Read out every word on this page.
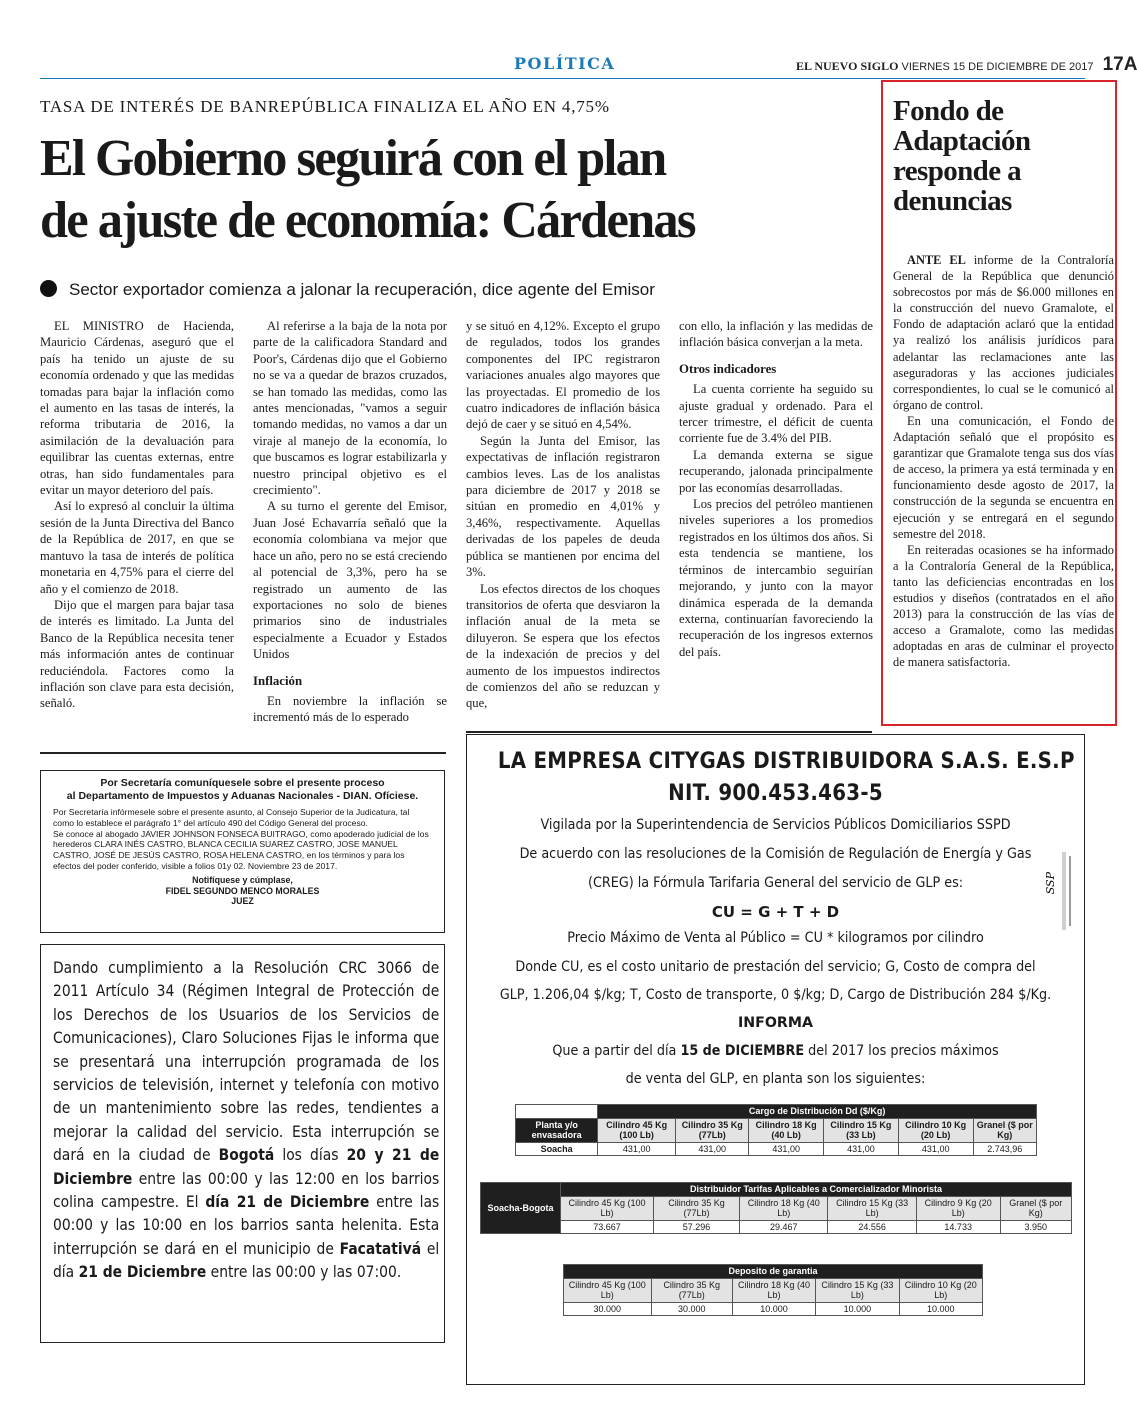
POLÍTICA	EL NUEVO SIGLO VIERNES 15 DE DICIEMBRE DE 2017 17A
TASA DE INTERÉS DE BANREPÚBLICA FINALIZA EL AÑO EN 4,75%
El Gobierno seguirá con el plan
de ajuste de economía: Cárdenas
Sector exportador comienza a jalonar la recuperación, dice agente del Emisor

EL MINISTRO de Hacienda, Mauricio Cárdenas, aseguró que el país ha tenido un ajuste de su economía ordenado y que las medidas tomadas para bajar la inflación como el aumento en las tasas de interés, la reforma tributaria de 2016, la asimilación de la devaluación para equilibrar las cuentas externas, entre otras, han sido fundamentales para evitar un mayor deterioro del país.

Así lo expresó al concluir la última sesión de la Junta Directiva del Banco de la República de 2017, en que se mantuvo la tasa de interés de política monetaria en 4,75% para el cierre del año y el comienzo de 2018.

Dijo que el margen para bajar tasa de interés es limitado. La Junta del Banco de la República necesita tener más información antes de continuar reduciéndola. Factores como la inflación son clave para esta decisión, señaló.

Al referirse a la baja de la nota por parte de la calificadora Standard and Poor's, Cárdenas dijo que el Gobierno no se va a quedar de brazos cruzados, se han tomado las medidas, como las antes mencionadas, "vamos a seguir tomando medidas, no vamos a dar un viraje al manejo de la economía, lo que buscamos es lograr estabilizarla y nuestro principal objetivo es el crecimiento".

A su turno el gerente del Emisor, Juan José Echavarría señaló que la economía colombiana va mejor que hace un año, pero no se está creciendo al potencial de 3,3%, pero ha se registrado un aumento de las exportaciones no solo de bienes primarios sino de industriales especialmente a Ecuador y Estados Unidos

Inflación

En noviembre la inflación se incrementó más de lo esperado

y se situó en 4,12%. Excepto el grupo de regulados, todos los grandes componentes del IPC registraron variaciones anuales algo mayores que las proyectadas. El promedio de los cuatro indicadores de inflación básica dejó de caer y se situó en 4,54%.

Según la Junta del Emisor, las expectativas de inflación registraron cambios leves. Las de los analistas para diciembre de 2017 y 2018 se sitúan en promedio en 4,01% y 3,46%, respectivamente. Aquellas derivadas de los papeles de deuda pública se mantienen por encima del 3%.

Los efectos directos de los choques transitorios de oferta que desviaron la inflación anual de la meta se diluyeron. Se espera que los efectos de la indexación de precios y del aumento de los impuestos indirectos de comienzos del año se reduzcan y que,

con ello, la inflación y las medidas de inflación básica converjan a la meta.

Otros indicadores

La cuenta corriente ha seguido su ajuste gradual y ordenado. Para el tercer trimestre, el déficit de cuenta corriente fue de 3.4% del PIB.

La demanda externa se sigue recuperando, jalonada principalmente por las economías desarrolladas.

Los precios del petróleo mantienen niveles superiores a los promedios registrados en los últimos dos años. Si esta tendencia se mantiene, los términos de intercambio seguirían mejorando, y junto con la mayor dinámica esperada de la demanda externa, continuarían favoreciendo la recuperación de los ingresos externos del país.

Fondo de Adaptación responde a denuncias

ANTE EL informe de la Contraloría General de la República que denunció sobrecostos por más de $6.000 millones en la construcción del nuevo Gramalote, el Fondo de adaptación aclaró que la entidad ya realizó los análisis jurídicos para adelantar las reclamaciones ante las aseguradoras y las acciones judiciales correspondientes, lo cual se le comunicó al órgano de control.

En una comunicación, el Fondo de Adaptación señaló que el propósito es garantizar que Gramalote tenga sus dos vías de acceso, la primera ya está terminada y en funcionamiento desde agosto de 2017, la construcción de la segunda se encuentra en ejecución y se entregará en el segundo semestre del 2018.

En reiteradas ocasiones se ha informado a la Contraloría General de la República, tanto las deficiencias encontradas en los estudios y diseños (contratados en el año 2013) para la construcción de las vías de acceso a Gramalote, como las medidas adoptadas en aras de culminar el proyecto de manera satisfactoria.

Por Secretaría comuníquesele sobre el presente proceso
al Departamento de Impuestos y Aduanas Nacionales - DIAN. Ofíciese.
Por Secretaría infórmesele sobre el presente asunto, al Consejo Superior de la Judicatura, tal como lo establece el parágrafo 1° del artículo 490 del Código General del proceso.
Se conoce al abogado JAVIER JOHNSON FONSECA BUITRAGO, como apoderado judicial de los herederos CLARA INÉS CASTRO, BLANCA CECILIA SUAREZ CASTRO, JOSE MANUEL CASTRO, JOSÉ DE JESÚS CASTRO, ROSA HELENA CASTRO, en los términos y para los efectos del poder conferido, visible a folios 01y 02. Noviembre 23 de 2017.
Notifíquese y cúmplase,
FIDEL SEGUNDO MENCO MORALES
JUEZ
Dando cumplimiento a la Resolución CRC 3066 de 2011 Artículo 34 (Régimen Integral de Protección de los Derechos de los Usuarios de los Servicios de Comunicaciones), Claro Soluciones Fijas le informa que se presentará una interrupción programada de los servicios de televisión, internet y telefonía con motivo de un mantenimiento sobre las redes, tendientes a mejorar la calidad del servicio. Esta interrupción se dará en la ciudad de Bogotá los días 20 y 21 de Diciembre entre las 00:00 y las 12:00 en los barrios colina campestre. El día 21 de Diciembre entre las 00:00 y las 10:00 en los barrios santa helenita. Esta interrupción se dará en el municipio de Facatativá el día 21 de Diciembre entre las 00:00 y las 07:00.
LA EMPRESA CITYGAS DISTRIBUIDORA S.A.S. E.S.P
NIT. 900.453.463-5
Vigilada por la Superintendencia de Servicios Públicos Domiciliarios SSPD
De acuerdo con las resoluciones de la Comisión de Regulación de Energía y Gas
(CREG) la Fórmula Tarifaria General del servicio de GLP es:
CU = G + T + D
Precio Máximo de Venta al Público = CU * kilogramos por cilindro
Donde CU, es el costo unitario de prestación del servicio; G, Costo de compra del
GLP, 1.206,04 $/kg; T, Costo de transporte, 0 $/kg; D, Cargo de Distribución 284 $/Kg.
INFORMA
Que a partir del día 15 de DICIEMBRE del 2017 los precios máximos
de venta del GLP, en planta son los siguientes:
	Cargo de Distribución Dd ($/Kg)					
Planta y/o envasadora	Cilindro 45 Kg (100 Lb)	Cilindro 35 Kg (77Lb)	Cilindro 18 Kg (40 Lb)	Cilindro 15 Kg (33 Lb)	Cilindro 10 Kg (20 Lb)	Granel ($ por Kg)
Soacha	431,00	431,00	431,00	431,00	431,00	2.743,96
Soacha-Bogota	Distribuidor Tarifas Aplicables a Comercializador Minorista					
	Cilindro 45 Kg (100 Lb)	Cilindro 35 Kg (77Lb)	Cilindro 18 Kg (40 Lb)	Cilindro 15 Kg (33 Lb)	Cilindro 9 Kg (20 Lb)	Granel ($ por Kg)
	73.667	57.296	29.467	24.556	14.733	3.950
Deposito de garantia				
Cilindro 45 Kg (100 Lb)	Cilindro 35 Kg (77Lb)	Cilindro 18 Kg (40 Lb)	Cilindro 15 Kg (33 Lb)	Cilindro 10 Kg (20 Lb)
30.000	30.000	10.000	10.000	10.000
SSP
